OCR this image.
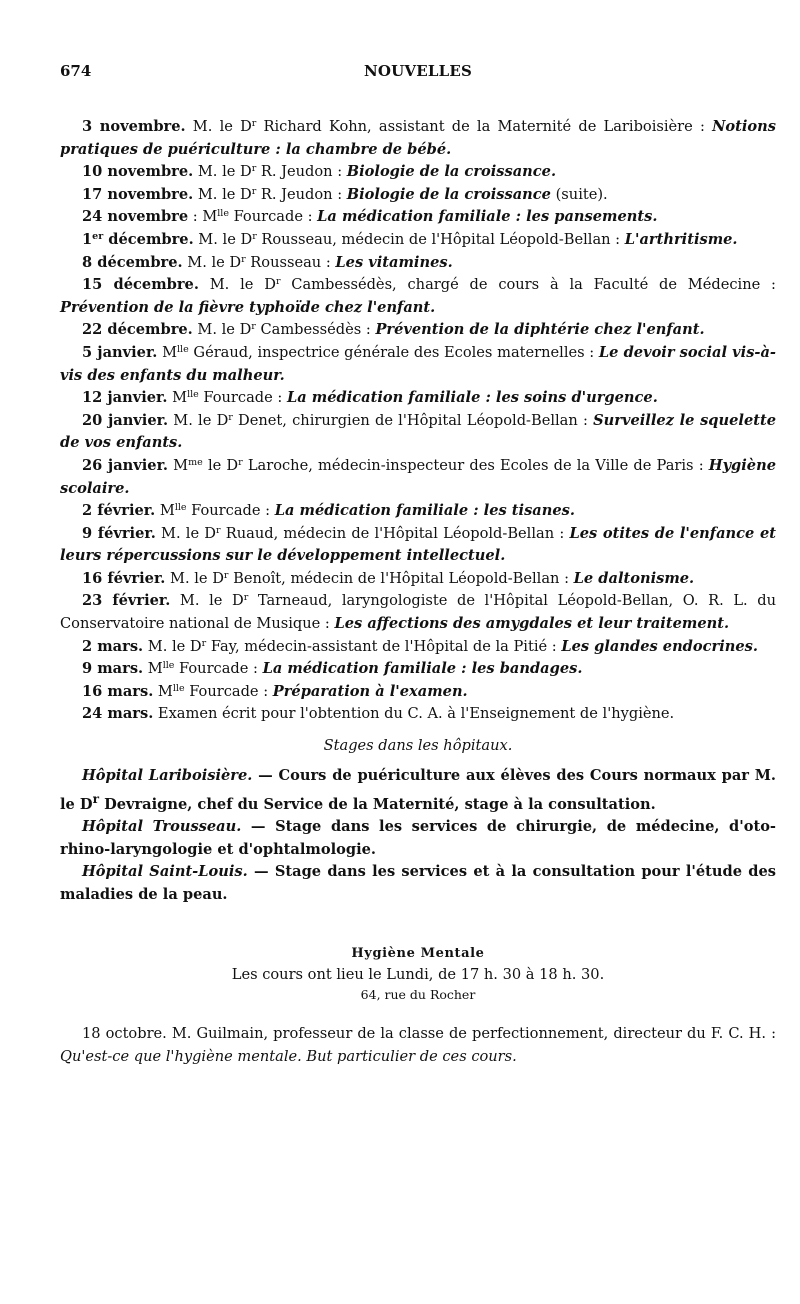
674	NOUVELLES

3 novembre. M. le $D^r$ Richard Kohn, assistant de la Maternité de Lariboisière : Notions pratiques de puériculture : la chambre de bébé.

10 novembre. M. le $D^r$ R. Jeudon : Biologie de la croissance.

17 novembre. M. le $D^r$ R. Jeudon : Biologie de la croissance (suite).

24 novembre : $M^{lle}$ Fourcade : La médication familiale : les pansements.

1er décembre. M. le $D^r$ Rousseau, médecin de l'Hôpital Léopold-Bellan : L'arthritisme.

8 décembre. M. le $D^r$ Rousseau : Les vitamines.

15 décembre. M. le $D^r$ Cambessédès, chargé de cours à la Faculté de Médecine : Prévention de la fièvre typhoïde chez l'enfant.

22 décembre. M. le $D^r$ Cambessédès : Prévention de la diphtérie chez l'enfant.

5 janvier. $M^{lle}$ Géraud, inspectrice générale des Ecoles maternelles : Le devoir social vis-à-vis des enfants du malheur.

12 janvier. $M^{lle}$ Fourcade : La médication familiale : les soins d'urgence.

20 janvier. M. le $D^r$ Denet, chirurgien de l'Hôpital Léopold-Bellan : Surveillez le squelette de vos enfants.

26 janvier. $M^{me}$ le $D^r$ Laroche, médecin-inspecteur des Ecoles de la Ville de Paris : Hygiène scolaire.

2 février. $M^{lle}$ Fourcade : La médication familiale : les tisanes.

9 février. M. le $D^r$ Ruaud, médecin de l'Hôpital Léopold-Bellan : Les otites de l'enfance et leurs répercussions sur le développement intellectuel.

16 février. M. le $D^r$ Benoît, médecin de l'Hôpital Léopold-Bellan : Le daltonisme.

23 février. M. le $D^r$ Tarneaud, laryngologiste de l'Hôpital Léopold-Bellan, O. R. L. du Conservatoire national de Musique : Les affections des amygdales et leur traitement.

2 mars. M. le $D^r$ Fay, médecin-assistant de l'Hôpital de la Pitié : Les glandes endocrines.

9 mars. $M^{lle}$ Fourcade : La médication familiale : les bandages.

16 mars. $M^{lle}$ Fourcade : Préparation à l'examen.

24 mars. Examen écrit pour l'obtention du C. A. à l'Enseignement de l'hygiène.

Stages dans les hôpitaux.

Hôpital Lariboisière. — Cours de puériculture aux élèves des Cours normaux par M. le $D^r$ Devraigne, chef du Service de la Maternité, stage à la consultation.

Hôpital Trousseau. — Stage dans les services de chirurgie, de médecine, d'oto-rhino-laryngologie et d'ophtalmologie.

Hôpital Saint-Louis. — Stage dans les services et à la consultation pour l'étude des maladies de la peau.

Hygiène Mentale
Les cours ont lieu le Lundi, de 17 h. 30 à 18 h. 30.
64, rue du Rocher

18 octobre. M. Guilmain, professeur de la classe de perfectionnement, directeur du F. C. H. : Qu'est-ce que l'hygiène mentale. But particulier de ces cours.
